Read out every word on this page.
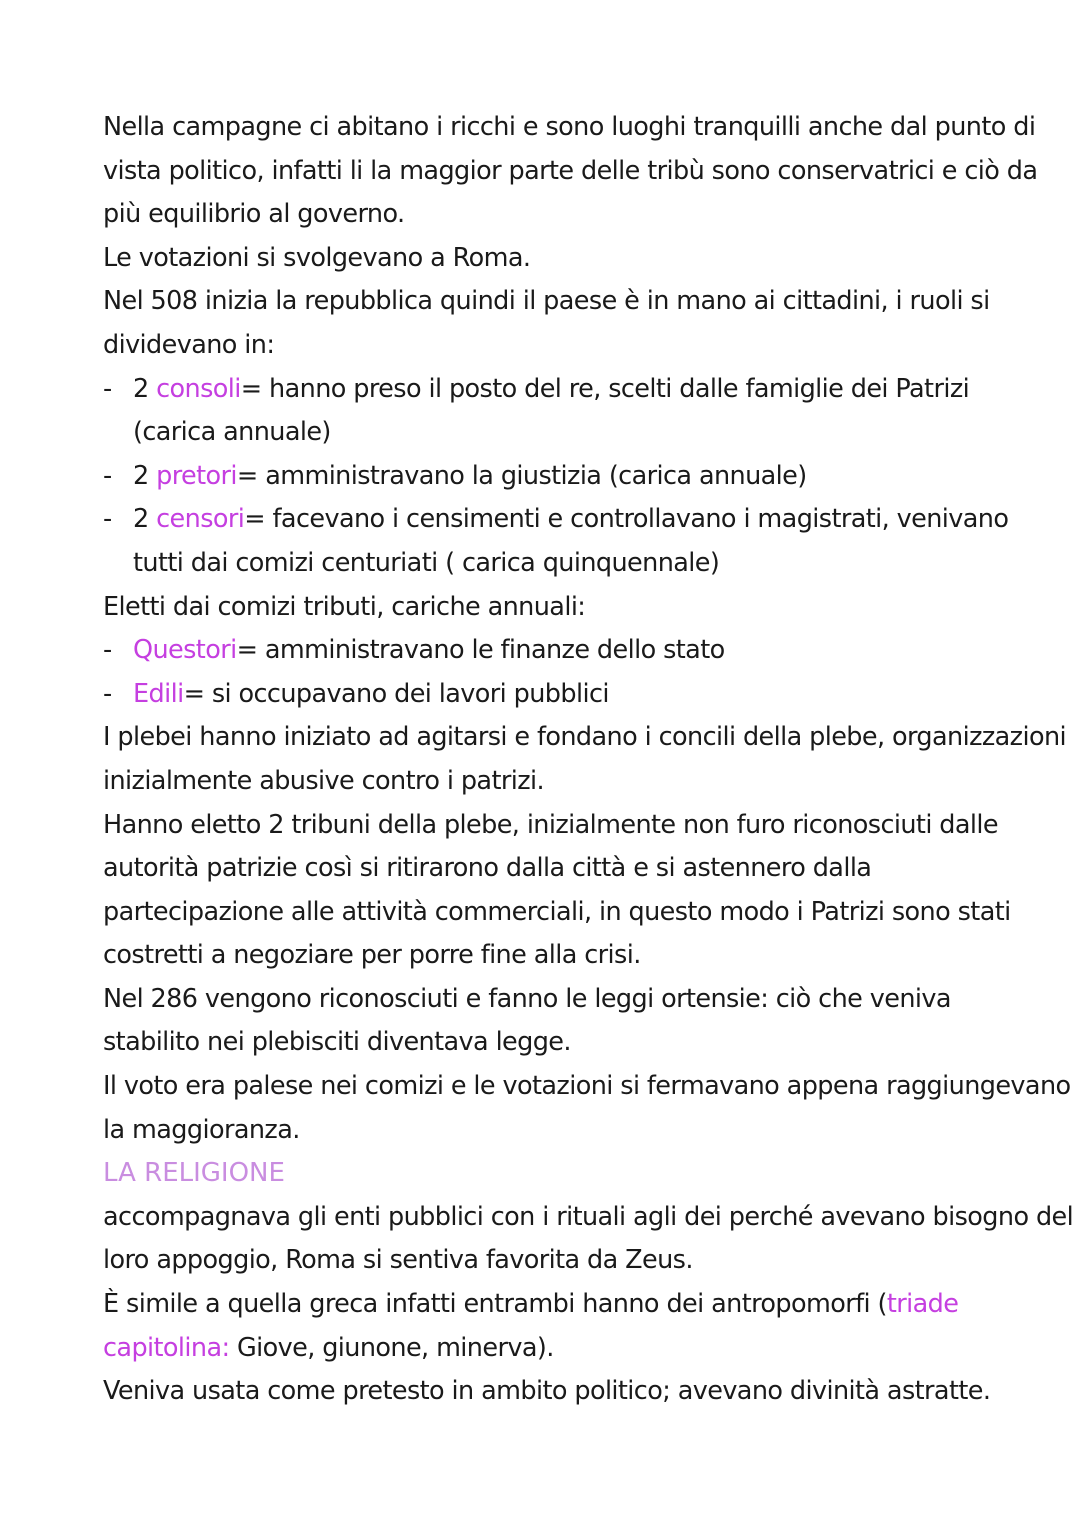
Nella campagne ci abitano i ricchi e sono luoghi tranquilli anche dal punto di
vista politico, infatti li la maggior parte delle tribù sono conservatrici e ciò da
più equilibrio al governo.
Le votazioni si svolgevano a Roma.
Nel 508 inizia la repubblica quindi il paese è in mano ai cittadini, i ruoli si
dividevano in:
- 2 consoli= hanno preso il posto del re, scelti dalle famiglie dei Patrizi
(carica annuale)
- 2 pretori= amministravano la giustizia (carica annuale)
- 2 censori= facevano i censimenti e controllavano i magistrati, venivano
tutti dai comizi centuriati ( carica quinquennale)
Eletti dai comizi tributi, cariche annuali:
- Questori= amministravano le finanze dello stato
- Edili= si occupavano dei lavori pubblici
I plebei hanno iniziato ad agitarsi e fondano i concili della plebe, organizzazioni
inizialmente abusive contro i patrizi.
Hanno eletto 2 tribuni della plebe, inizialmente non furo riconosciuti dalle
autorità patrizie così si ritirarono dalla città e si astennero dalla
partecipazione alle attività commerciali, in questo modo i Patrizi sono stati
costretti a negoziare per porre fine alla crisi.
Nel 286 vengono riconosciuti e fanno le leggi ortensie: ciò che veniva
stabilito nei plebisciti diventava legge.
Il voto era palese nei comizi e le votazioni si fermavano appena raggiungevano
la maggioranza.
LA RELIGIONE
accompagnava gli enti pubblici con i rituali agli dei perché avevano bisogno del
loro appoggio, Roma si sentiva favorita da Zeus.
È simile a quella greca infatti entrambi hanno dei antropomorfi (triade
capitolina: Giove, giunone, minerva).
Veniva usata come pretesto in ambito politico; avevano divinità astratte.
